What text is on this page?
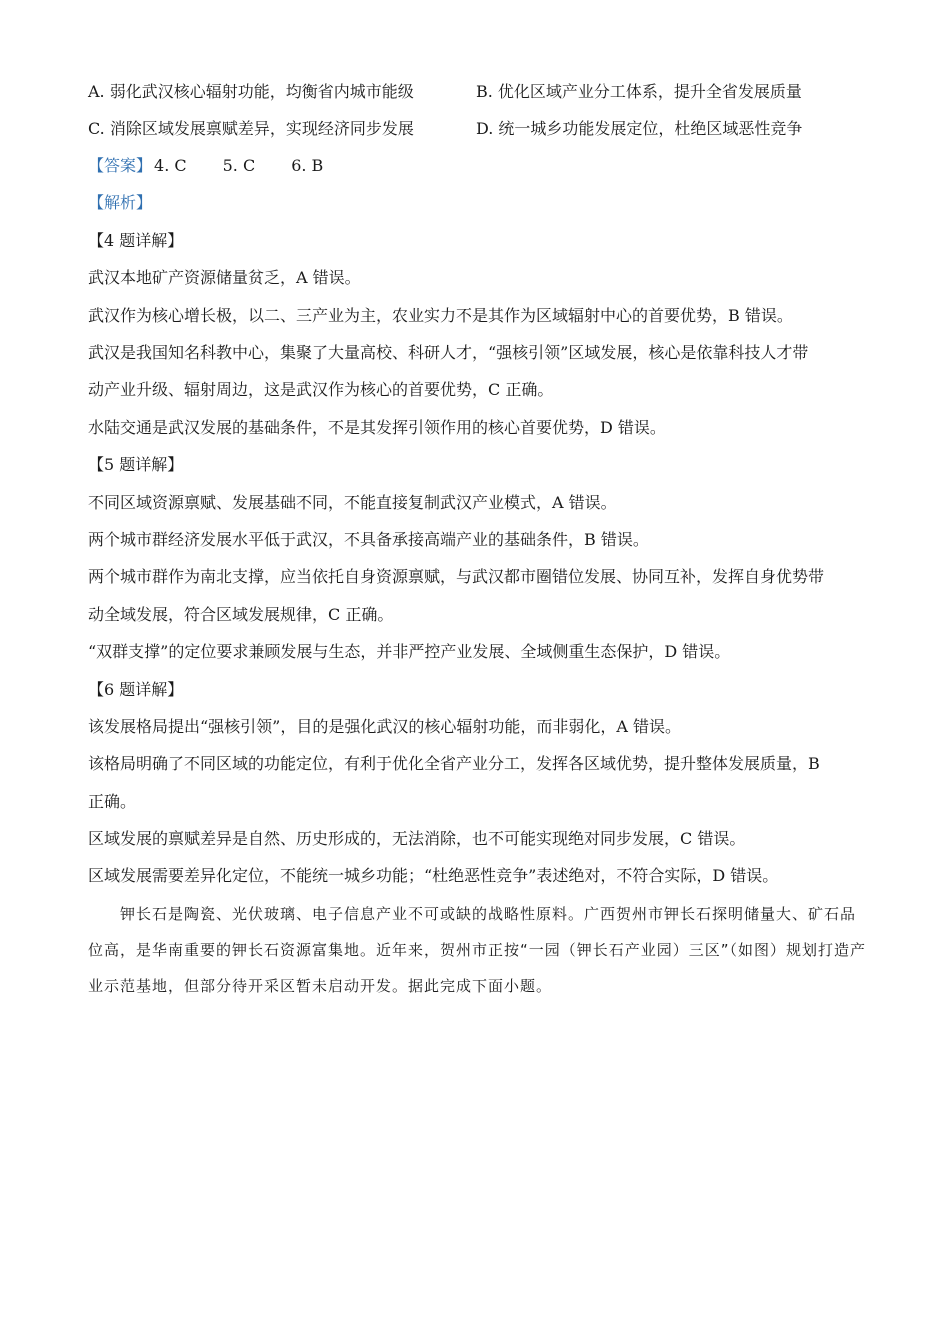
A. 弱化武汉核心辐射功能，均衡省内城市能级	B. 优化区域产业分工体系，提升全省发展质量
C. 消除区域发展禀赋差异，实现经济同步发展	D. 统一城乡功能发展定位，杜绝区域恶性竞争
【答案】 4. C 5. C 6. B
【解析】
【4 题详解】
武汉本地矿产资源储量贫乏，A 错误。
武汉作为核心增长极，以二、三产业为主，农业实力不是其作为区域辐射中心的首要优势，B 错误。
武汉是我国知名科教中心，集聚了大量高校、科研人才，“强核引领”区域发展，核心是依靠科技人才带
动产业升级、辐射周边，这是武汉作为核心的首要优势，C 正确。
水陆交通是武汉发展的基础条件，不是其发挥引领作用的核心首要优势，D 错误。
【5 题详解】
不同区域资源禀赋、发展基础不同，不能直接复制武汉产业模式，A 错误。
两个城市群经济发展水平低于武汉，不具备承接高端产业的基础条件，B 错误。
两个城市群作为南北支撑，应当依托自身资源禀赋，与武汉都市圈错位发展、协同互补，发挥自身优势带
动全域发展，符合区域发展规律，C 正确。
“双群支撑”的定位要求兼顾发展与生态，并非严控产业发展、全域侧重生态保护，D 错误。
【6 题详解】
该发展格局提出“强核引领”，目的是强化武汉的核心辐射功能，而非弱化，A 错误。
该格局明确了不同区域的功能定位，有利于优化全省产业分工，发挥各区域优势，提升整体发展质量，B
正确。
区域发展的禀赋差异是自然、历史形成的，无法消除，也不可能实现绝对同步发展，C 错误。
区域发展需要差异化定位，不能统一城乡功能；“杜绝恶性竞争”表述绝对，不符合实际，D 错误。
钾长石是陶瓷、光伏玻璃、电子信息产业不可或缺的战略性原料。广西贺州市钾长石探明储量大、矿石品位高，是华南重要的钾长石资源富集地。近年来，贺州市正按“一园（钾长石产业园）三区”（如图）规划打造产业示范基地，但部分待开采区暂未启动开发。据此完成下面小题。
